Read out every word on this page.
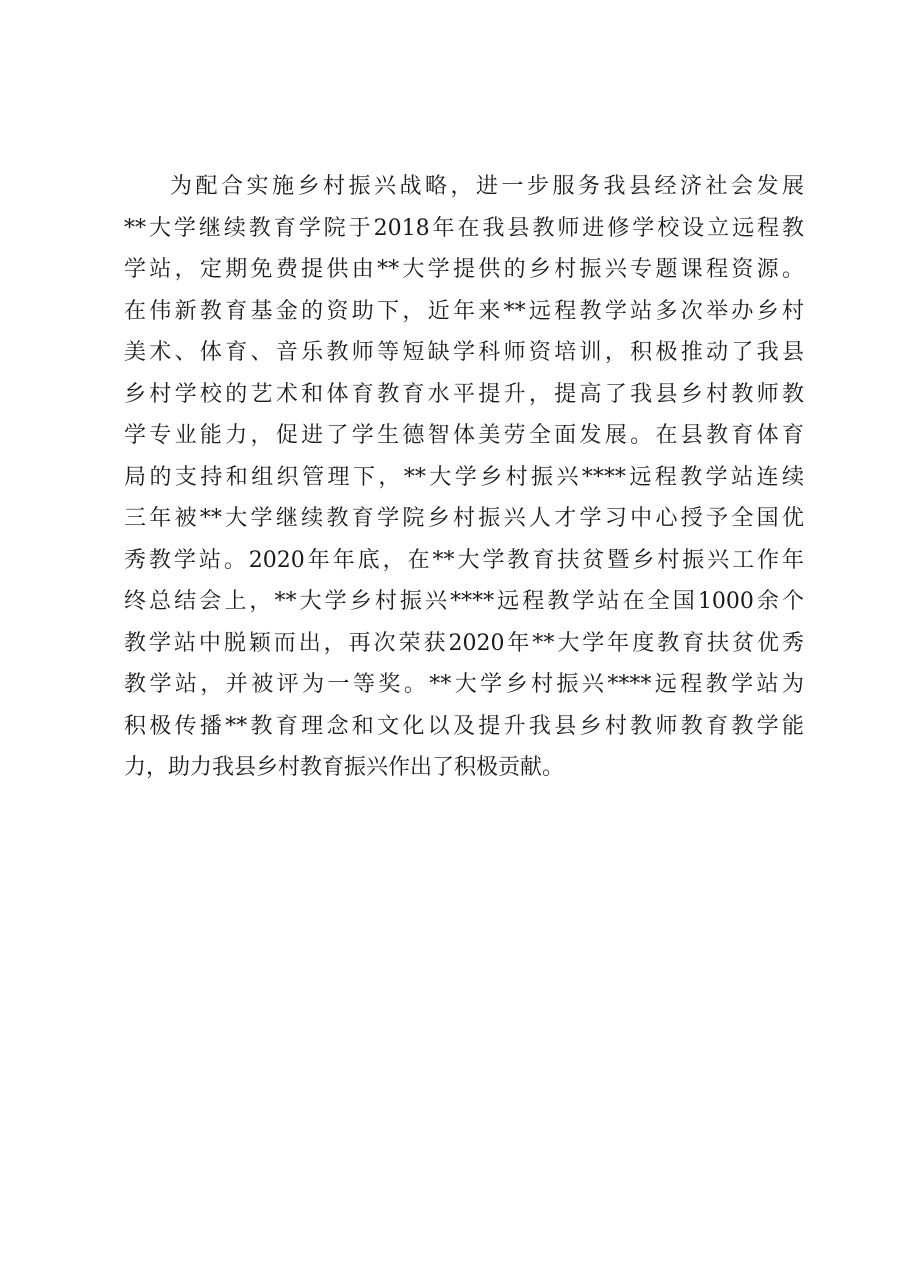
为配合实施乡村振兴战略，进一步服务我县经济社会发展
**大学继续教育学院于2018年在我县教师进修学校设立远程教
学站，定期免费提供由**大学提供的乡村振兴专题课程资源。
在伟新教育基金的资助下，近年来**远程教学站多次举办乡村
美术、体育、音乐教师等短缺学科师资培训，积极推动了我县
乡村学校的艺术和体育教育水平提升，提高了我县乡村教师教
学专业能力，促进了学生德智体美劳全面发展。在县教育体育
局的支持和组织管理下，**大学乡村振兴****远程教学站连续
三年被**大学继续教育学院乡村振兴人才学习中心授予全国优
秀教学站。2020年年底，在**大学教育扶贫暨乡村振兴工作年
终总结会上，**大学乡村振兴****远程教学站在全国1000余个
教学站中脱颖而出，再次荣获2020年**大学年度教育扶贫优秀
教学站，并被评为一等奖。**大学乡村振兴****远程教学站为
积极传播**教育理念和文化以及提升我县乡村教师教育教学能
力，助力我县乡村教育振兴作出了积极贡献。
